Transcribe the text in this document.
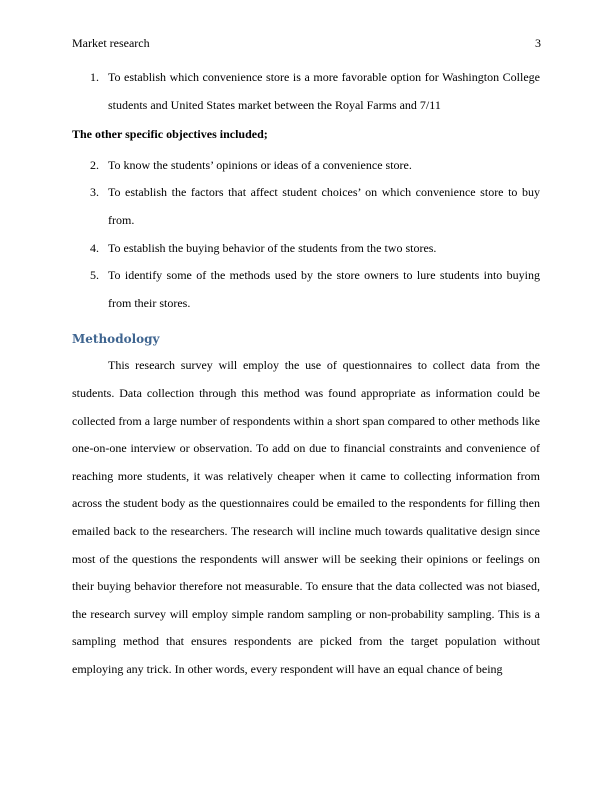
Market research	3
1. To establish which convenience store is a more favorable option for Washington College students and United States market between the Royal Farms and 7/11
The other specific objectives included;
2. To know the students’ opinions or ideas of a convenience store.
3. To establish the factors that affect student choices’ on which convenience store to buy from.
4. To establish the buying behavior of the students from the two stores.
5. To identify some of the methods used by the store owners to lure students into buying from their stores.
Methodology

This research survey will employ the use of questionnaires to collect data from the students. Data collection through this method was found appropriate as information could be collected from a large number of respondents within a short span compared to other methods like one-on-one interview or observation. To add on due to financial constraints and convenience of reaching more students, it was relatively cheaper when it came to collecting information from across the student body as the questionnaires could be emailed to the respondents for filling then emailed back to the researchers. The research will incline much towards qualitative design since most of the questions the respondents will answer will be seeking their opinions or feelings on their buying behavior therefore not measurable. To ensure that the data collected was not biased, the research survey will employ simple random sampling or non-probability sampling. This is a sampling method that ensures respondents are picked from the target population without employing any trick. In other words, every respondent will have an equal chance of being
